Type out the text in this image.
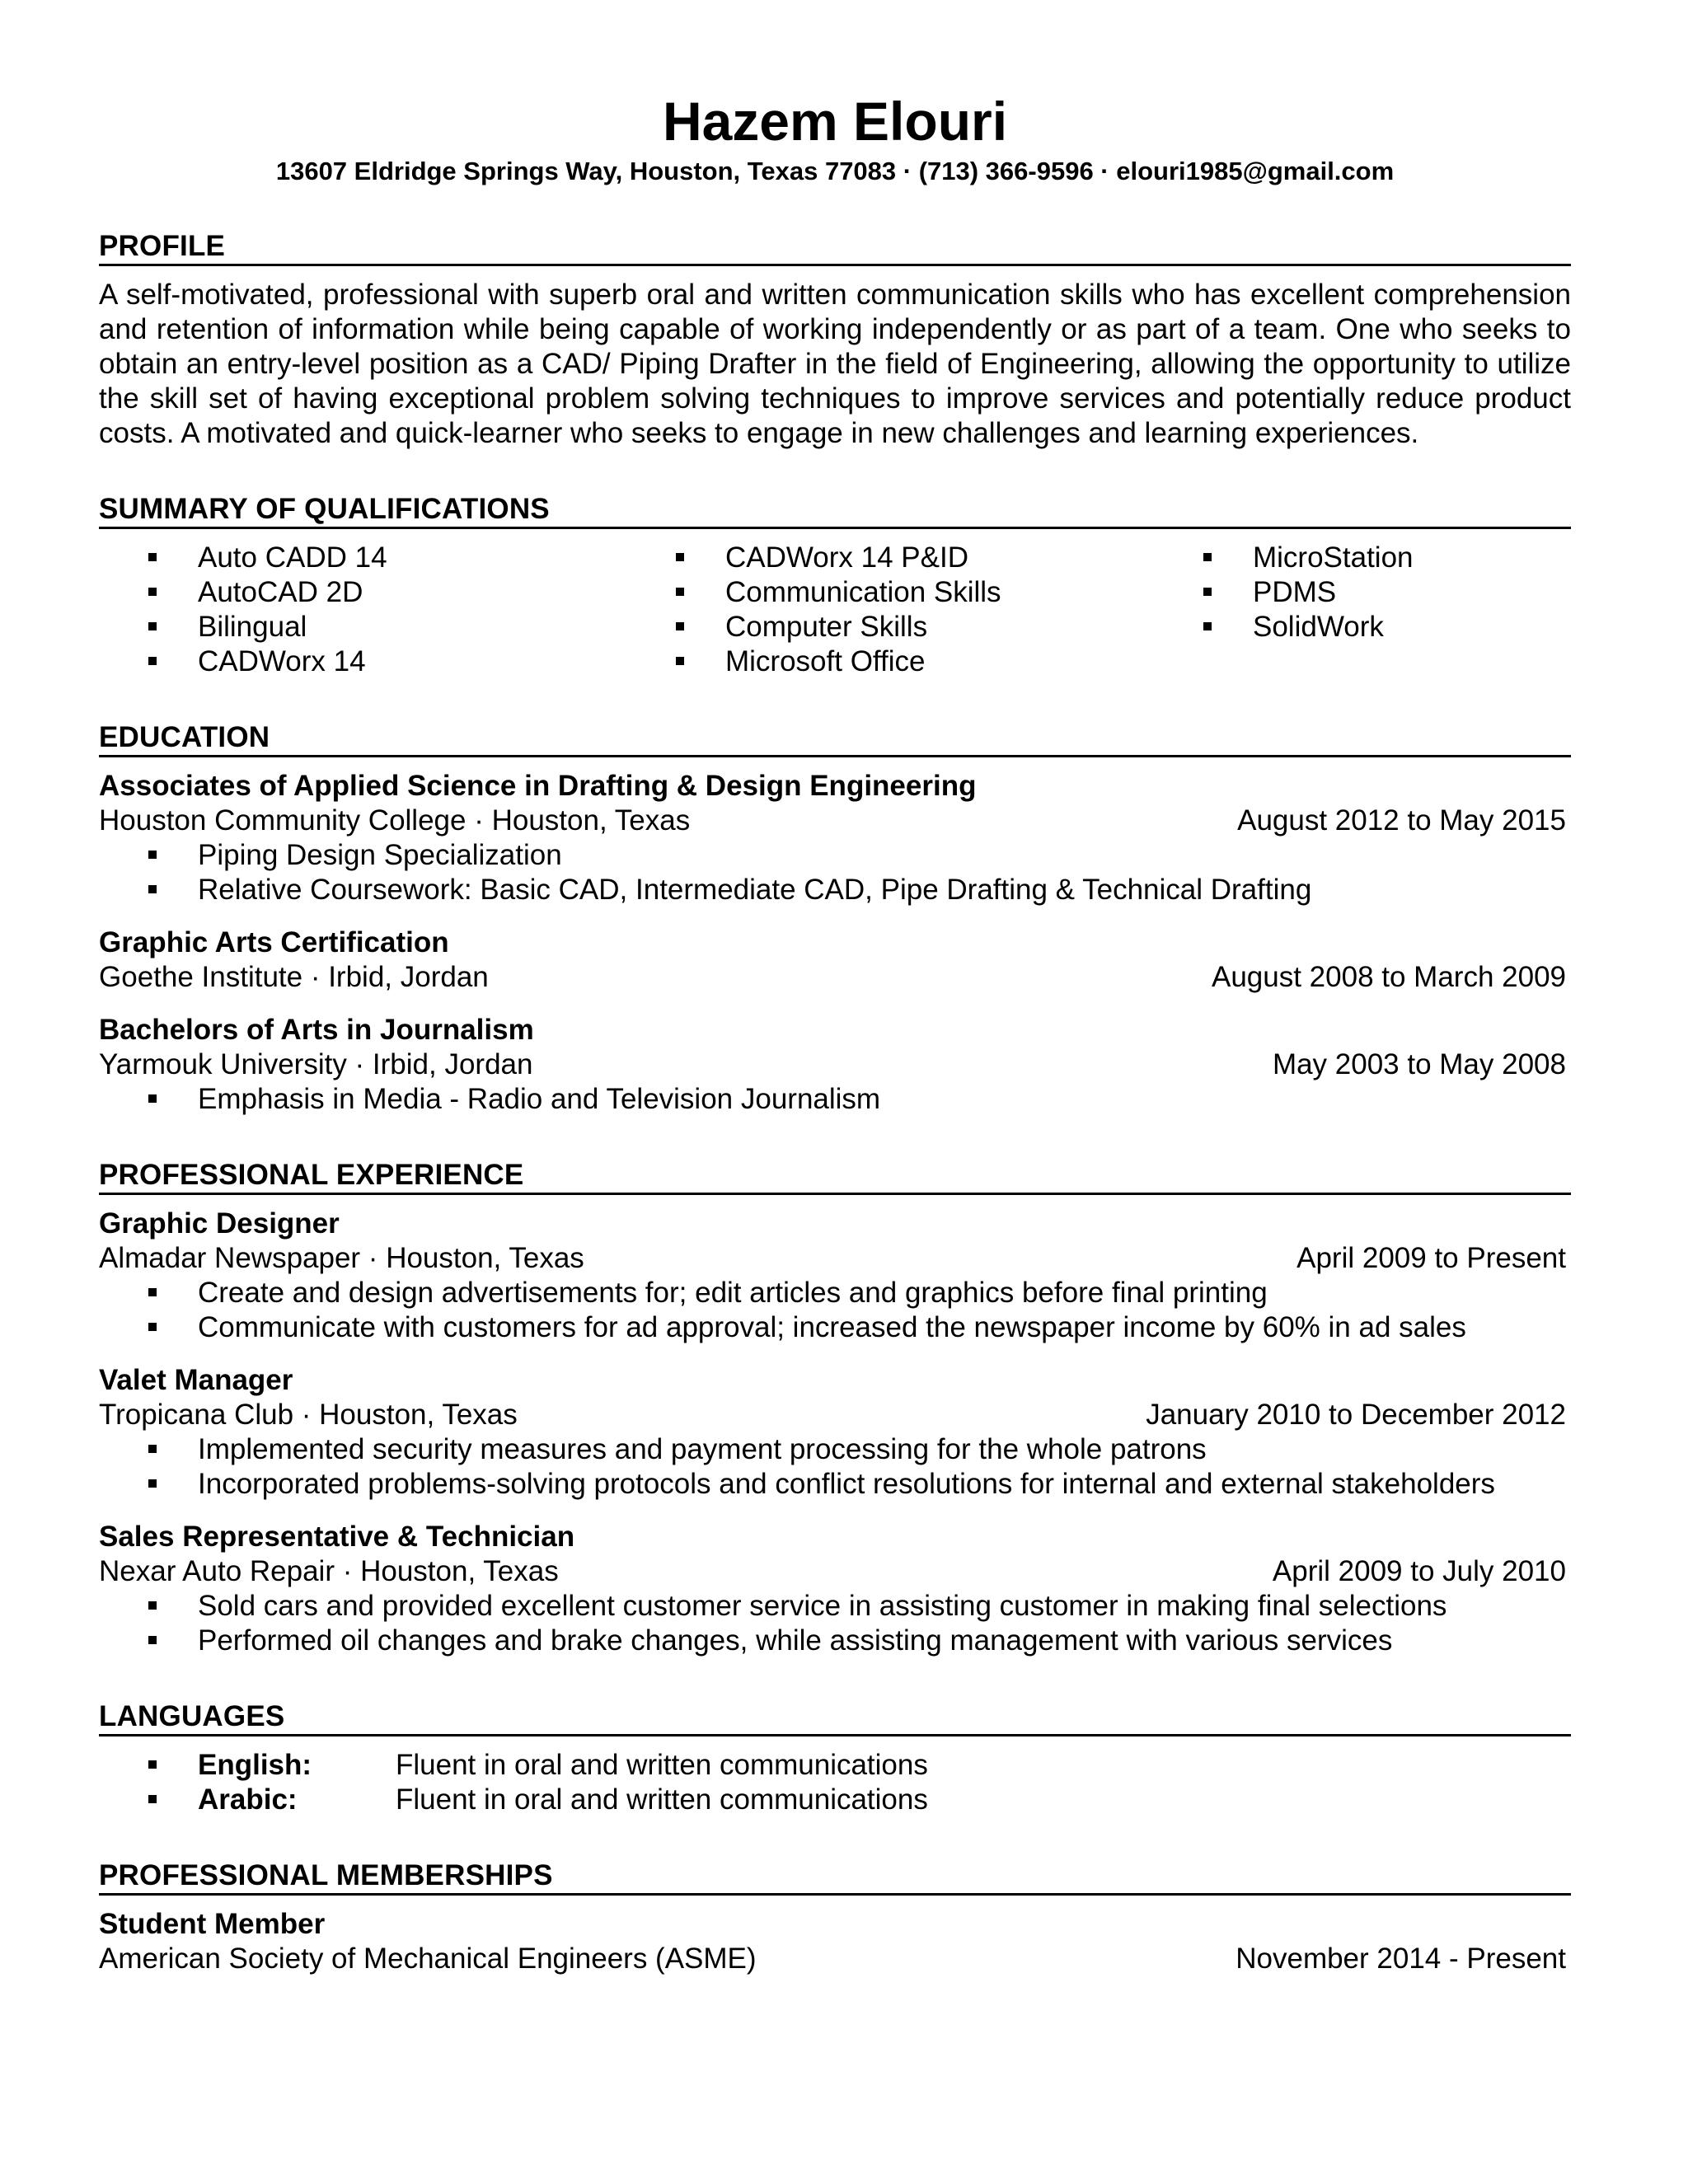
Hazem Elouri
13607 Eldridge Springs Way, Houston, Texas 77083 · (713) 366-9596 · elouri1985@gmail.com
PROFILE
A self-motivated, professional with superb oral and written communication skills who has excellent comprehension and retention of information while being capable of working independently or as part of a team. One who seeks to obtain an entry-level position as a CAD/ Piping Drafter in the field of Engineering, allowing the opportunity to utilize the skill set of having exceptional problem solving techniques to improve services and potentially reduce product costs. A motivated and quick-learner who seeks to engage in new challenges and learning experiences.
SUMMARY OF QUALIFICATIONS
Auto CADD 14
AutoCAD 2D
Bilingual
CADWorx 14
CADWorx 14 P&ID
Communication Skills
Computer Skills
Microsoft Office
MicroStation
PDMS
SolidWork
EDUCATION
Associates of Applied Science in Drafting & Design Engineering
Houston Community College · Houston, Texas	August 2012 to May 2015
Piping Design Specialization
Relative Coursework: Basic CAD, Intermediate CAD, Pipe Drafting & Technical Drafting
Graphic Arts Certification
Goethe Institute · Irbid, Jordan	August 2008 to March 2009
Bachelors of Arts in Journalism
Yarmouk University · Irbid, Jordan	May 2003 to May 2008
Emphasis in Media - Radio and Television Journalism
PROFESSIONAL EXPERIENCE
Graphic Designer
Almadar Newspaper · Houston, Texas	April 2009 to Present
Create and design advertisements for; edit articles and graphics before final printing
Communicate with customers for ad approval; increased the newspaper income by 60% in ad sales
Valet Manager
Tropicana Club · Houston, Texas	January 2010 to December 2012
Implemented security measures and payment processing for the whole patrons
Incorporated problems-solving protocols and conflict resolutions for internal and external stakeholders
Sales Representative & Technician
Nexar Auto Repair · Houston, Texas	April 2009 to July 2010
Sold cars and provided excellent customer service in assisting customer in making final selections
Performed oil changes and brake changes, while assisting management with various services
LANGUAGES
English:	Fluent in oral and written communications
Arabic:	Fluent in oral and written communications
PROFESSIONAL MEMBERSHIPS
Student Member
American Society of Mechanical Engineers (ASME)	November 2014 - Present
